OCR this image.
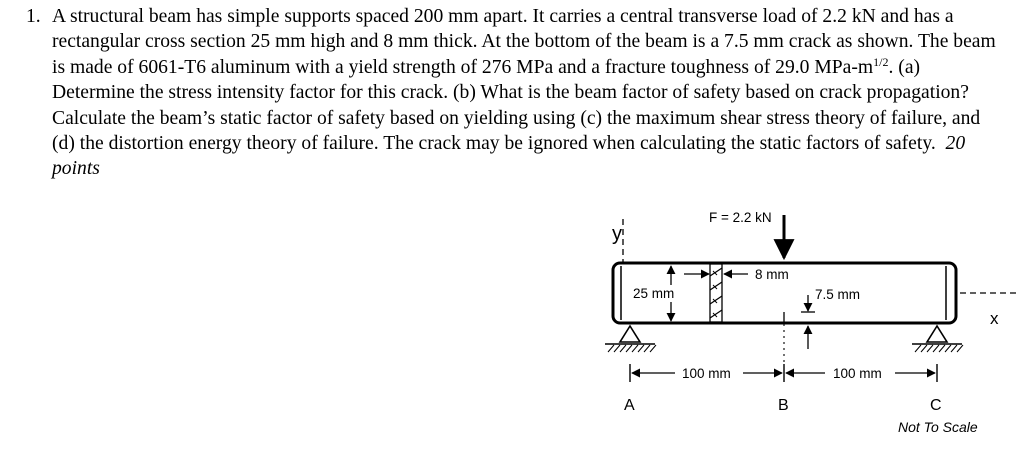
1. A structural beam has simple supports spaced 200 mm apart. It carries a central transverse load of 2.2 kN and has a rectangular cross section 25 mm high and 8 mm thick. At the bottom of the beam is a 7.5 mm crack as shown. The beam is made of 6061-T6 aluminum with a yield strength of 276 MPa and a fracture toughness of 29.0 MPa-$m^{1/2}$. (a) Determine the stress intensity factor for this crack. (b) What is the beam factor of safety based on crack propagation? Calculate the beam’s static factor of safety based on yielding using (c) the maximum shear stress theory of failure, and (d) the distortion energy theory of failure. The crack may be ignored when calculating the static factors of safety. 20 points
y
x
8 mm
25 mm
F = 2.2 kN
7.5 mm
100 mm	100 mm
A	B	C
Not To Scale
